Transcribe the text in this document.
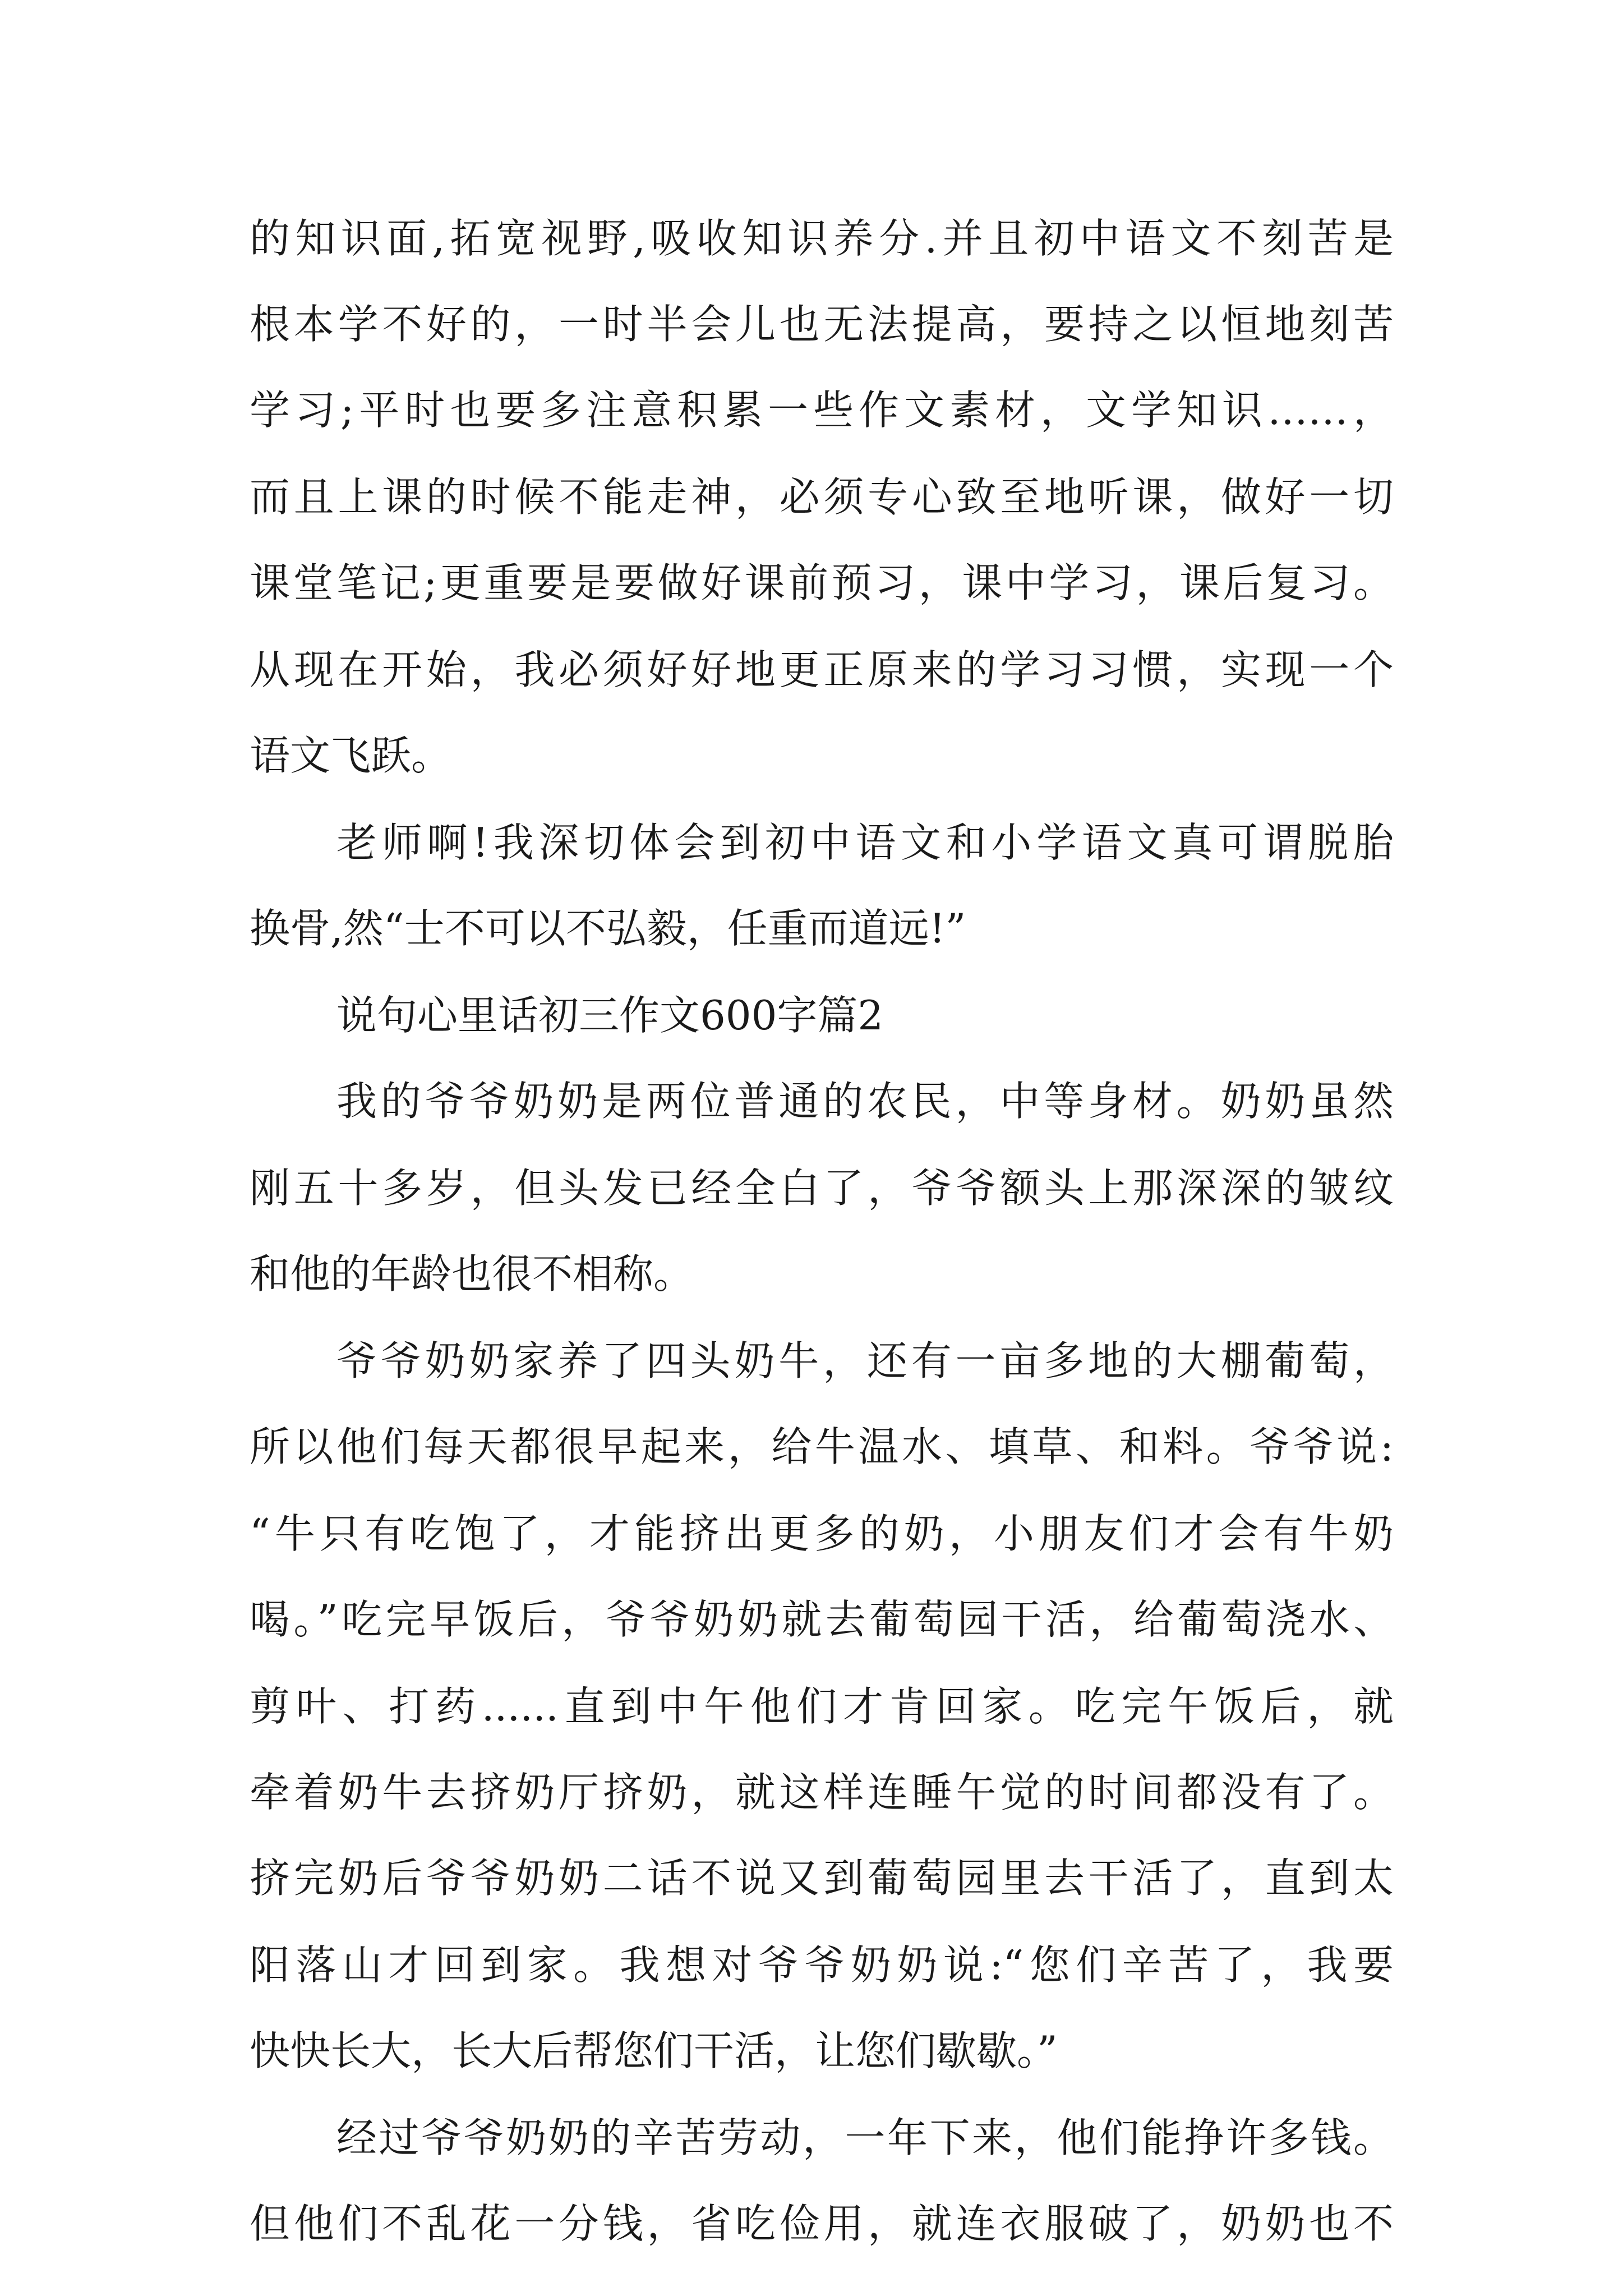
的知识面,拓宽视野,吸收知识养分.并且初中语文不刻苦是
根本学不好的，一时半会儿也无法提高，要持之以恒地刻苦
学习;平时也要多注意积累一些作文素材，文学知识……，
而且上课的时候不能走神，必须专心致至地听课，做好一切
课堂笔记;更重要是要做好课前预习，课中学习，课后复习。
从现在开始，我必须好好地更正原来的学习习惯，实现一个
语文飞跃。
老师啊!我深切体会到初中语文和小学语文真可谓脱胎
换骨,然“士不可以不弘毅，任重而道远!”
说句心里话初三作文600字篇2
我的爷爷奶奶是两位普通的农民，中等身材。奶奶虽然
刚五十多岁，但头发已经全白了，爷爷额头上那深深的皱纹
和他的年龄也很不相称。
爷爷奶奶家养了四头奶牛，还有一亩多地的大棚葡萄，
所以他们每天都很早起来，给牛温水、填草、和料。爷爷说:
“牛只有吃饱了，才能挤出更多的奶，小朋友们才会有牛奶
喝。”吃完早饭后，爷爷奶奶就去葡萄园干活，给葡萄浇水、
剪叶、打药......直到中午他们才肯回家。吃完午饭后，就
牵着奶牛去挤奶厅挤奶，就这样连睡午觉的时间都没有了。
挤完奶后爷爷奶奶二话不说又到葡萄园里去干活了，直到太
阳落山才回到家。我想对爷爷奶奶说:“您们辛苦了，我要
快快长大，长大后帮您们干活，让您们歇歇。”
经过爷爷奶奶的辛苦劳动，一年下来，他们能挣许多钱。
但他们不乱花一分钱，省吃俭用，就连衣服破了，奶奶也不
